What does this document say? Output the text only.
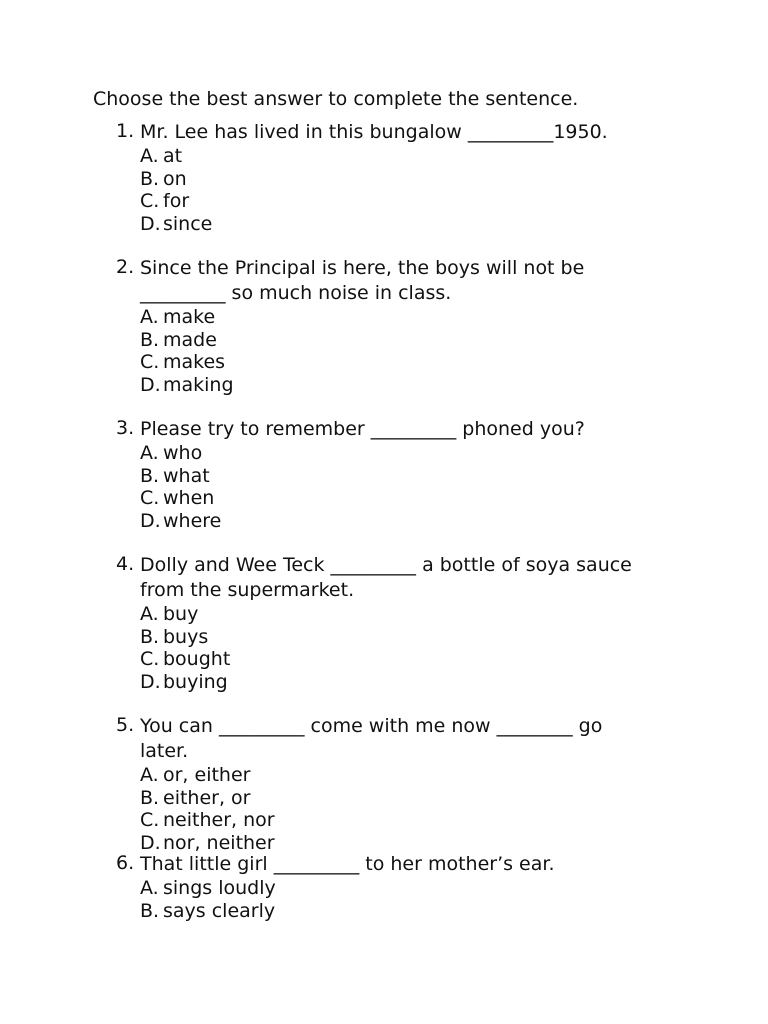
Choose the best answer to complete the sentence.
1. Mr. Lee has lived in this bungalow _________1950.
A. at
B. on
C. for
D. since
2. Since the Principal is here, the boys will not be
_________ so much noise in class.
A. make
B. made
C. makes
D. making
3. Please try to remember _________ phoned you?
A. who
B. what
C. when
D. where
4. Dolly and Wee Teck _________ a bottle of soya sauce
from the supermarket.
A. buy
B. buys
C. bought
D. buying
5. You can _________ come with me now ________ go
later.
A. or, either
B. either, or
C. neither, nor
D. nor, neither
6. That little girl _________ to her mother’s ear.
A. sings loudly
B. says clearly
